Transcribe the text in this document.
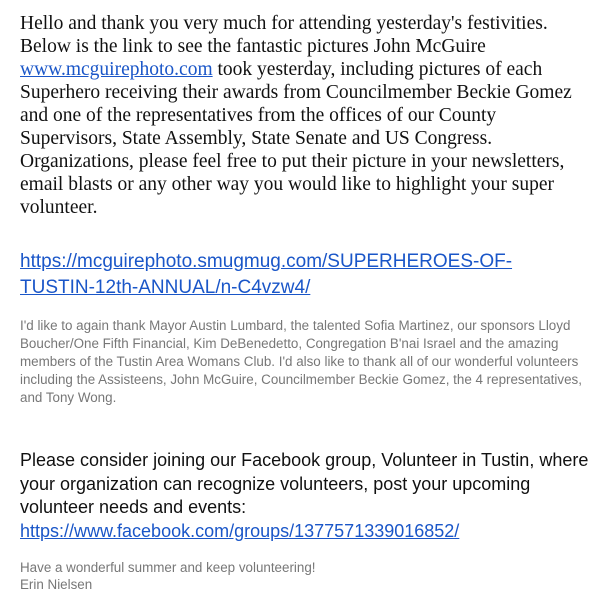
Hello and thank you very much for attending yesterday's festivities. Below is the link to see the fantastic pictures John McGuire www.mcguirephoto.com took yesterday, including pictures of each Superhero receiving their awards from Councilmember Beckie Gomez and one of the representatives from the offices of our County Supervisors, State Assembly, State Senate and US Congress. Organizations, please feel free to put their picture in your newsletters, email blasts or any other way you would like to highlight your super volunteer.

https://mcguirephoto.smugmug.com/SUPERHEROES-OF-
TUSTIN-12th-ANNUAL/n-C4vzw4/

I'd like to again thank Mayor Austin Lumbard, the talented Sofia Martinez, our sponsors Lloyd Boucher/One Fifth Financial, Kim DeBenedetto, Congregation B'nai Israel and the amazing members of the Tustin Area Womans Club. I'd also like to thank all of our wonderful volunteers including the Assisteens, John McGuire, Councilmember Beckie Gomez, the 4 representatives, and Tony Wong.

Please consider joining our Facebook group, Volunteer in Tustin, where your organization can recognize volunteers, post your upcoming volunteer needs and events: https://www.facebook.com/groups/1377571339016852/

Have a wonderful summer and keep volunteering!
Erin Nielsen
